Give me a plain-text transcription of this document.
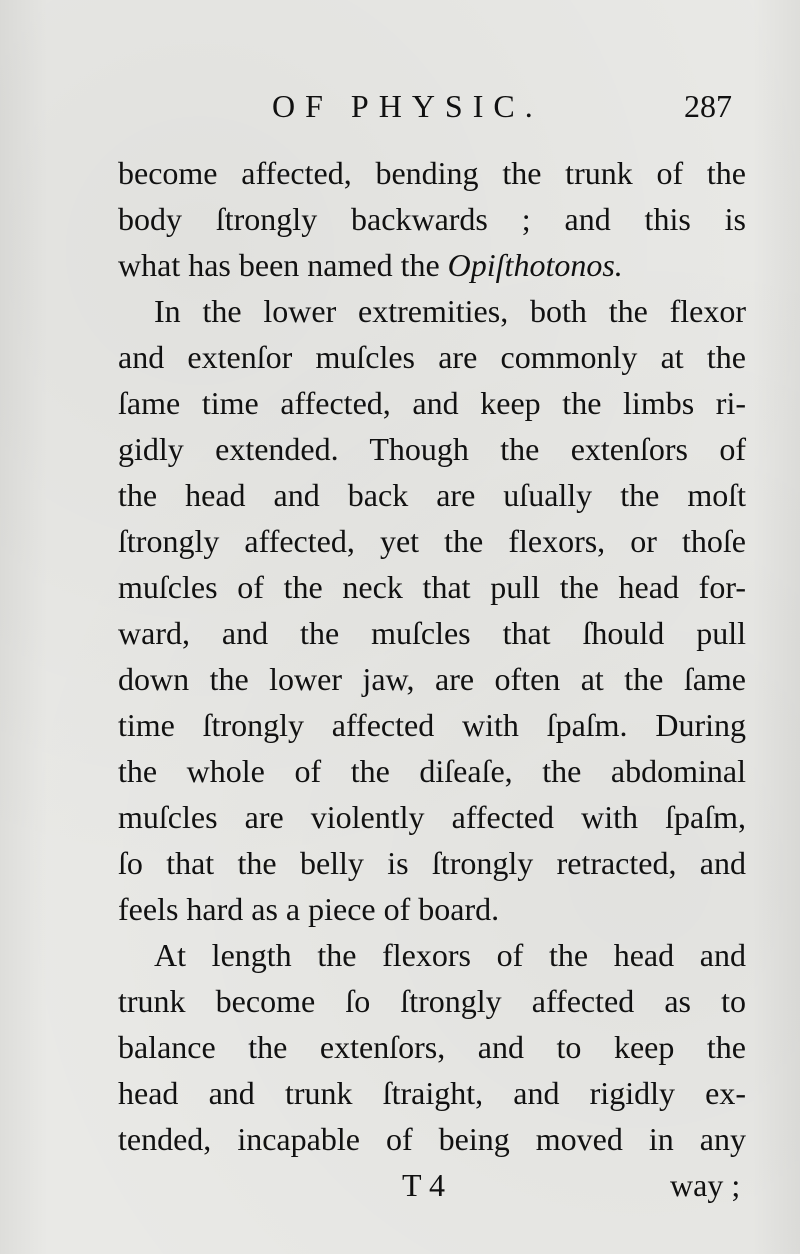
OF PHYSIC.	287
become affected, bending the trunk of the
body ſtrongly backwards ; and this is
what has been named the Opiſthotonos.
In the lower extremities, both the flexor
and extenſor muſcles are commonly at the
ſame time affected, and keep the limbs ri-
gidly extended. Though the extenſors of
the head and back are uſually the moſt
ſtrongly affected, yet the flexors, or thoſe
muſcles of the neck that pull the head for-
ward, and the muſcles that ſhould pull
down the lower jaw, are often at the ſame
time ſtrongly affected with ſpaſm. During
the whole of the diſeaſe, the abdominal
muſcles are violently affected with ſpaſm,
ſo that the belly is ſtrongly retracted, and
feels hard as a piece of board.
At length the flexors of the head and
trunk become ſo ſtrongly affected as to
balance the extenſors, and to keep the
head and trunk ſtraight, and rigidly ex-
tended, incapable of being moved in any
T 4	way ;
